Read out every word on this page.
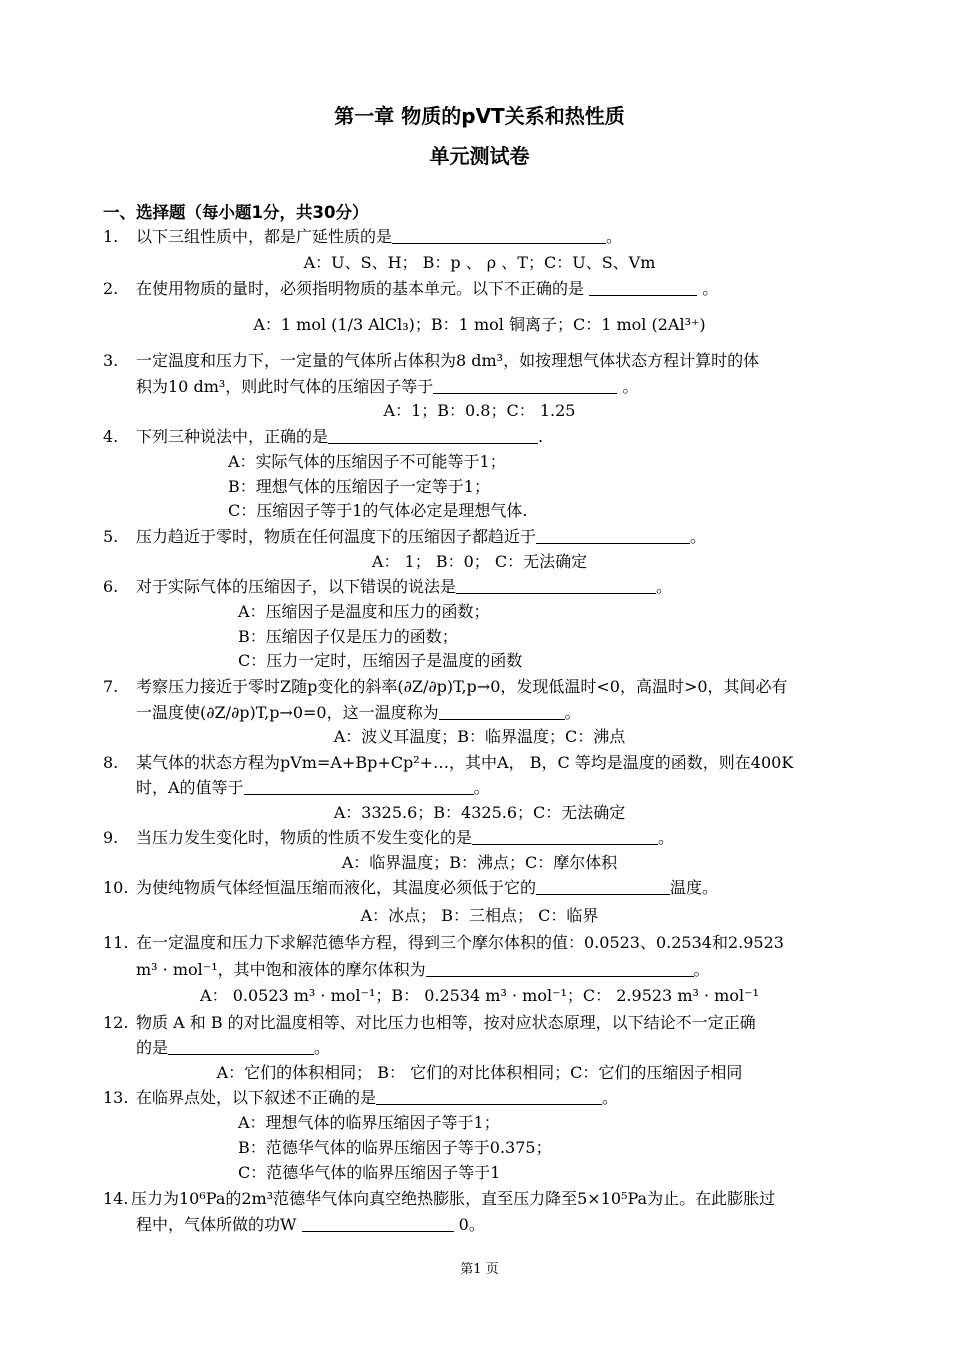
第一章 物质的pVT关系和热性质
单元测试卷
一、选择题（每小题1分，共30分）
1. 以下三组性质中，都是广延性质的是	。
A：U、S、H； B：p 、 ρ 、T；C：U、S、Vm
2. 在使用物质的量时，必须指明物质的基本单元。以下不正确的是	。
A：1 mol (1/3 AlCl₃)；B：1 mol 铜离子；C：1 mol (2Al³⁺)
3. 一定温度和压力下，一定量的气体所占体积为8 dm³，如按理想气体状态方程计算时的体
积为10 dm³，则此时气体的压缩因子等于	。
A：1；B：0.8；C： 1.25
4. 下列三种说法中，正确的是	.
A：实际气体的压缩因子不可能等于1；
B：理想气体的压缩因子一定等于1；
C：压缩因子等于1的气体必定是理想气体.
5. 压力趋近于零时，物质在任何温度下的压缩因子都趋近于	。
A： 1； B：0； C：无法确定
6. 对于实际气体的压缩因子，以下错误的说法是	。
A：压缩因子是温度和压力的函数；
B：压缩因子仅是压力的函数；
C：压力一定时，压缩因子是温度的函数
7. 考察压力接近于零时Z随p变化的斜率(∂Z/∂p)T,p→0，发现低温时<0，高温时>0，其间必有
一温度使(∂Z/∂p)T,p→0=0，这一温度称为	。
A：波义耳温度；B：临界温度；C：沸点
8. 某气体的状态方程为pVm=A+Bp+Cp²+…，其中A， B，C 等均是温度的函数，则在400K
时，A的值等于	。
A：3325.6；B：4325.6；C：无法确定
9. 当压力发生变化时，物质的性质不发生变化的是	。
A：临界温度；B：沸点；C：摩尔体积
10. 为使纯物质气体经恒温压缩而液化，其温度必须低于它的	温度。
A：冰点； B：三相点； C：临界
11. 在一定温度和压力下求解范德华方程，得到三个摩尔体积的值：0.0523、0.2534和2.9523
m³ · mol⁻¹，其中饱和液体的摩尔体积为	。
A： 0.0523 m³ · mol⁻¹；B： 0.2534 m³ · mol⁻¹；C： 2.9523 m³ · mol⁻¹
12. 物质 A 和 B 的对比温度相等、对比压力也相等，按对应状态原理，以下结论不一定正确
的是	。
A：它们的体积相同； B： 它们的对比体积相同；C：它们的压缩因子相同
13. 在临界点处，以下叙述不正确的是	。
A：理想气体的临界压缩因子等于1；
B：范德华气体的临界压缩因子等于0.375；
C：范德华气体的临界压缩因子等于1
14. 压力为10⁶Pa的2m³范德华气体向真空绝热膨胀，直至压力降至5×10⁵Pa为止。在此膨胀过
程中，气体所做的功W	0。
第1 页
